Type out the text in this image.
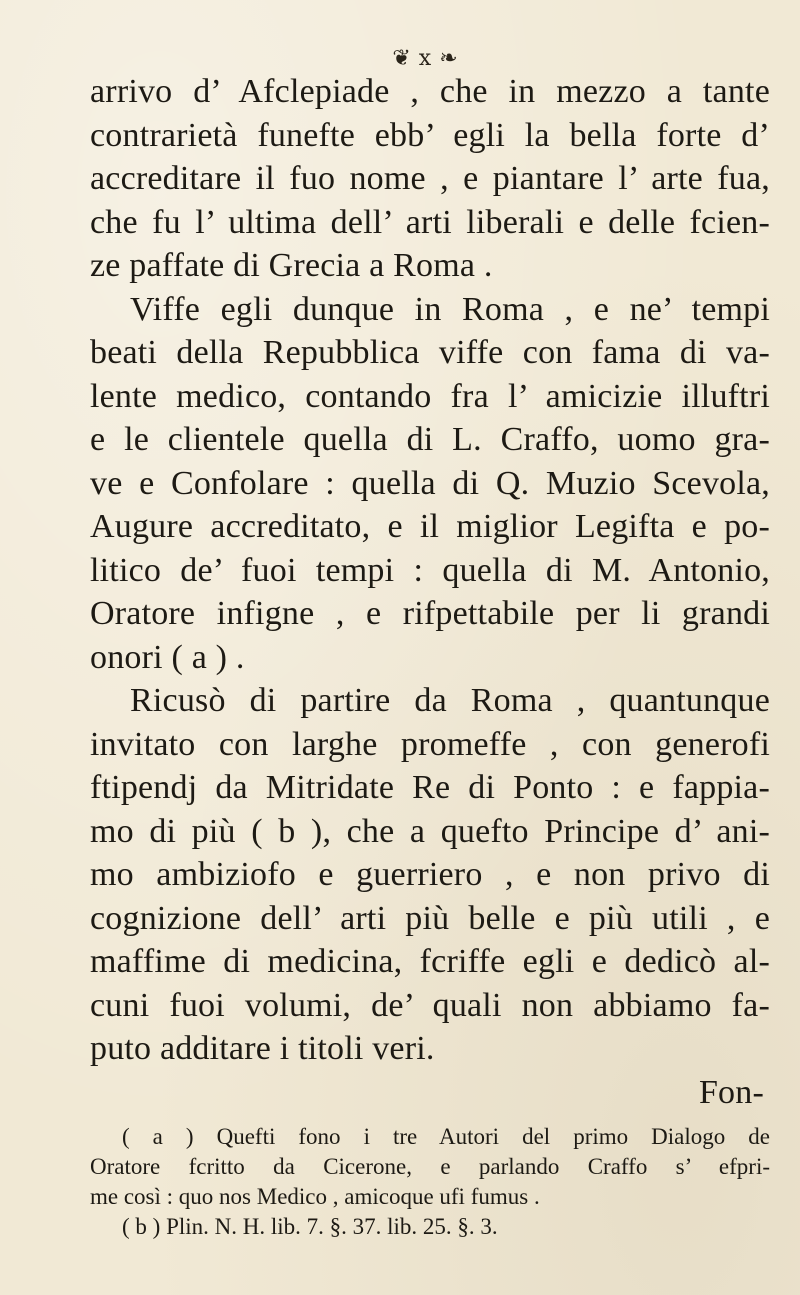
❦ x ❧
arrivo d’ Afclepiade , che in mezzo a tante
contrarietà funefte ebb’ egli la bella forte d’
accreditare il fuo nome , e piantare l’ arte fua,
che fu l’ ultima dell’ arti liberali e delle fcien-
ze paffate di Grecia a Roma .
Viffe egli dunque in Roma , e ne’ tempi
beati della Repubblica viffe con fama di va-
lente medico, contando fra l’ amicizie illuftri
e le clientele quella di L. Craffo, uomo gra-
ve e Confolare : quella di Q. Muzio Scevola,
Augure accreditato, e il miglior Legifta e po-
litico de’ fuoi tempi : quella di M. Antonio,
Oratore infigne , e rifpettabile per li grandi
onori ( a ) .
Ricusò di partire da Roma , quantunque
invitato con larghe promeffe , con generofi
ftipendj da Mitridate Re di Ponto : e fappia-
mo di più ( b ), che a quefto Principe d’ ani-
mo ambiziofo e guerriero , e non privo di
cognizione dell’ arti più belle e più utili , e
maffime di medicina, fcriffe egli e dedicò al-
cuni fuoi volumi, de’ quali non abbiamo fa-
puto additare i titoli veri.
Fon-
( a ) Quefti fono i tre Autori del primo Dialogo de
Oratore fcritto da Cicerone, e parlando Craffo s’ efpri-
me così : quo nos Medico , amicoque ufi fumus .
( b ) Plin. N. H. lib. 7. §. 37. lib. 25. §. 3.
